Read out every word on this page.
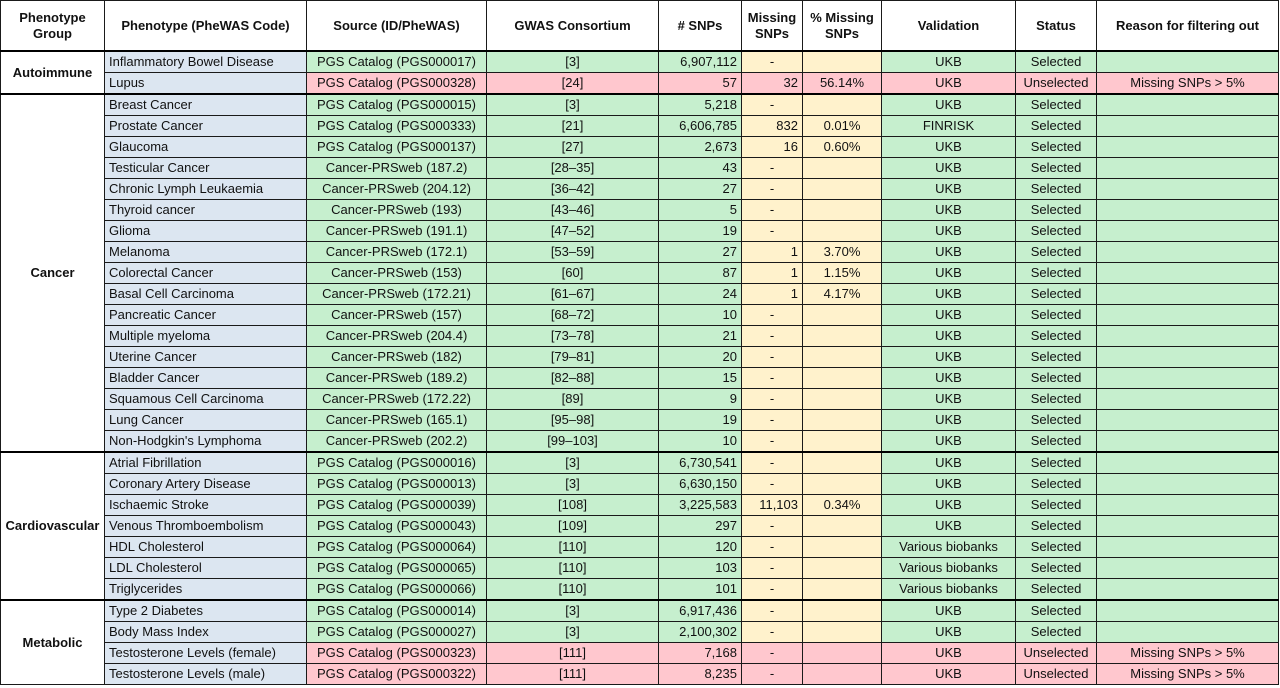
Phenotype Group	Phenotype (PheWAS Code)	Source (ID/PheWAS)	GWAS Consortium	# SNPs	Missing SNPs	% Missing SNPs	Validation	Status	Reason for filtering out
Autoimmune	Inflammatory Bowel Disease	PGS Catalog (PGS000017)	[3]	6,907,112	-		UKB	Selected	
	Lupus	PGS Catalog (PGS000328)	[24]	57	32	56.14%	UKB	Unselected	Missing SNPs > 5%
Cancer	Breast Cancer	PGS Catalog (PGS000015)	[3]	5,218	-		UKB	Selected	
	Prostate Cancer	PGS Catalog (PGS000333)	[21]	6,606,785	832	0.01%	FINRISK	Selected	
	Glaucoma	PGS Catalog (PGS000137)	[27]	2,673	16	0.60%	UKB	Selected	
	Testicular Cancer	Cancer-PRSweb (187.2)	[28–35]	43	-		UKB	Selected	
	Chronic Lymph Leukaemia	Cancer-PRSweb (204.12)	[36–42]	27	-		UKB	Selected	
	Thyroid cancer	Cancer-PRSweb (193)	[43–46]	5	-		UKB	Selected	
	Glioma	Cancer-PRSweb (191.1)	[47–52]	19	-		UKB	Selected	
	Melanoma	Cancer-PRSweb (172.1)	[53–59]	27	1	3.70%	UKB	Selected	
	Colorectal Cancer	Cancer-PRSweb (153)	[60]	87	1	1.15%	UKB	Selected	
	Basal Cell Carcinoma	Cancer-PRSweb (172.21)	[61–67]	24	1	4.17%	UKB	Selected	
	Pancreatic Cancer	Cancer-PRSweb (157)	[68–72]	10	-		UKB	Selected	
	Multiple myeloma	Cancer-PRSweb (204.4)	[73–78]	21	-		UKB	Selected	
	Uterine Cancer	Cancer-PRSweb (182)	[79–81]	20	-		UKB	Selected	
	Bladder Cancer	Cancer-PRSweb (189.2)	[82–88]	15	-		UKB	Selected	
	Squamous Cell Carcinoma	Cancer-PRSweb (172.22)	[89]	9	-		UKB	Selected	
	Lung Cancer	Cancer-PRSweb (165.1)	[95–98]	19	-		UKB	Selected	
	Non-Hodgkin's Lymphoma	Cancer-PRSweb (202.2)	[99–103]	10	-		UKB	Selected	
Cardiovascular	Atrial Fibrillation	PGS Catalog (PGS000016)	[3]	6,730,541	-		UKB	Selected	
	Coronary Artery Disease	PGS Catalog (PGS000013)	[3]	6,630,150	-		UKB	Selected	
	Ischaemic Stroke	PGS Catalog (PGS000039)	[108]	3,225,583	11,103	0.34%	UKB	Selected	
	Venous Thromboembolism	PGS Catalog (PGS000043)	[109]	297	-		UKB	Selected	
	HDL Cholesterol	PGS Catalog (PGS000064)	[110]	120	-		Various biobanks	Selected	
	LDL Cholesterol	PGS Catalog (PGS000065)	[110]	103	-		Various biobanks	Selected	
	Triglycerides	PGS Catalog (PGS000066)	[110]	101	-		Various biobanks	Selected	
Metabolic	Type 2 Diabetes	PGS Catalog (PGS000014)	[3]	6,917,436	-		UKB	Selected	
	Body Mass Index	PGS Catalog (PGS000027)	[3]	2,100,302	-		UKB	Selected	
	Testosterone Levels (female)	PGS Catalog (PGS000323)	[111]	7,168	-		UKB	Unselected	Missing SNPs > 5%
	Testosterone Levels (male)	PGS Catalog (PGS000322)	[111]	8,235	-		UKB	Unselected	Missing SNPs > 5%
